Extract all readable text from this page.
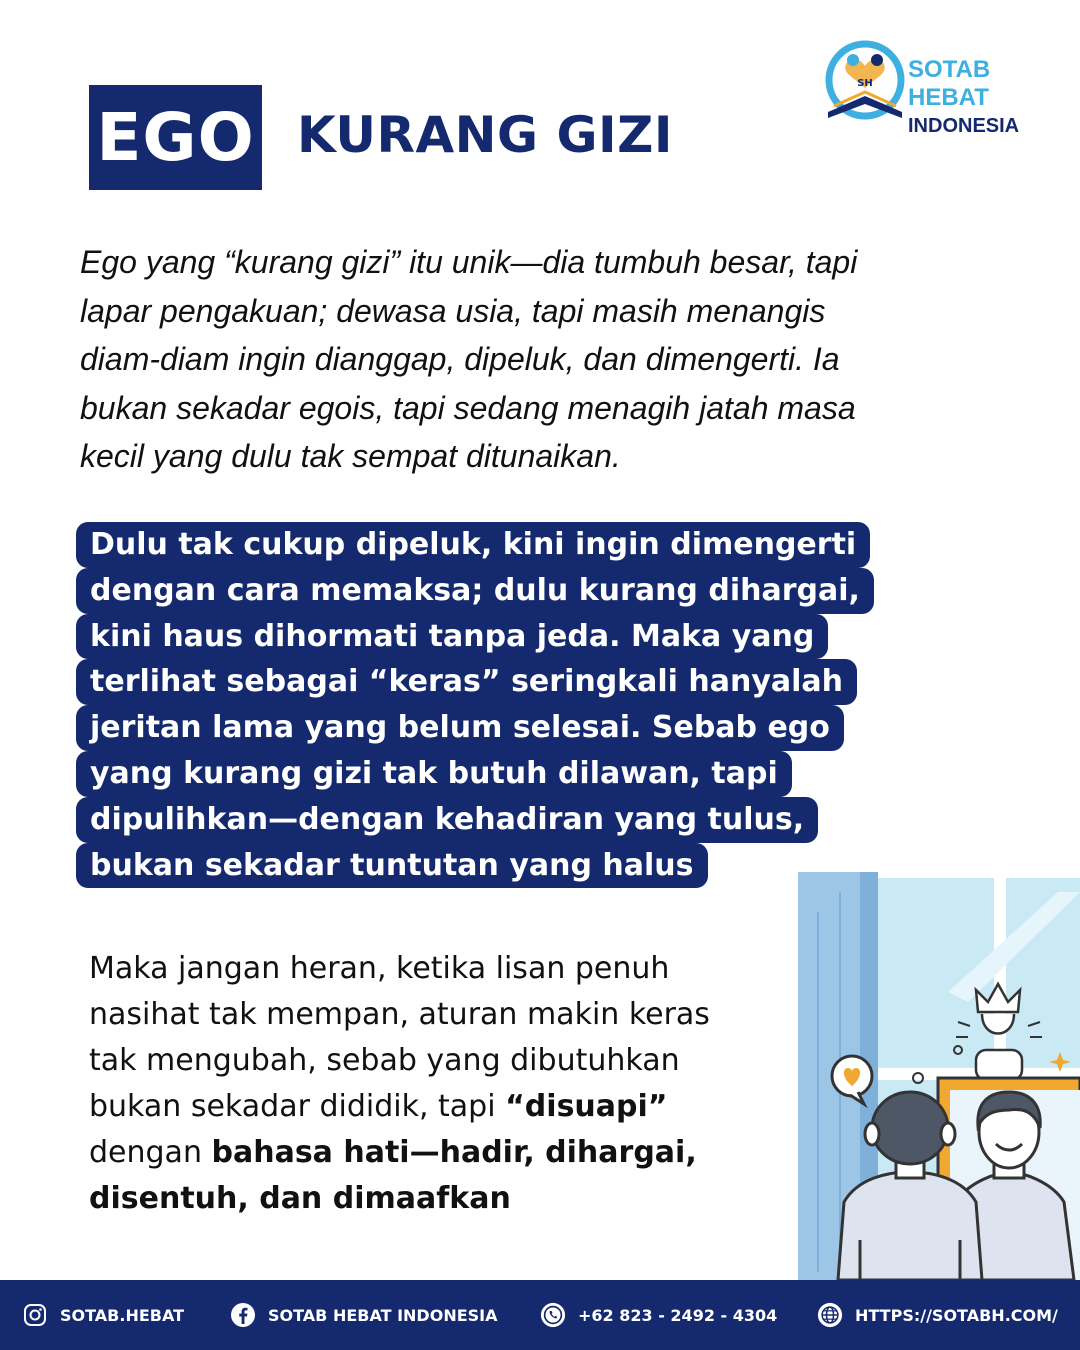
EGO KURANG GIZI
SH
SOTAB HEBAT
INDONESIA
Ego yang “kurang gizi” itu unik—dia tumbuh besar, tapi
lapar pengakuan; dewasa usia, tapi masih menangis
diam-diam ingin dianggap, dipeluk, dan dimengerti. Ia
bukan sekadar egois, tapi sedang menagih jatah masa
kecil yang dulu tak sempat ditunaikan.
Dulu tak cukup dipeluk, kini ingin dimengerti
dengan cara memaksa; dulu kurang dihargai,
kini haus dihormati tanpa jeda. Maka yang
terlihat sebagai “keras” seringkali hanyalah
jeritan lama yang belum selesai. Sebab ego
yang kurang gizi tak butuh dilawan, tapi
dipulihkan—dengan kehadiran yang tulus,
bukan sekadar tuntutan yang halus
Maka jangan heran, ketika lisan penuh
nasihat tak mempan, aturan makin keras
tak mengubah, sebab yang dibutuhkan
bukan sekadar dididik, tapi “disuapi”
dengan bahasa hati—hadir, dihargai,
disentuh, dan dimaafkan
SOTAB.HEBAT	SOTAB HEBAT INDONESIA	+62 823 - 2492 - 4304	HTTPS://SOTABH.COM/
